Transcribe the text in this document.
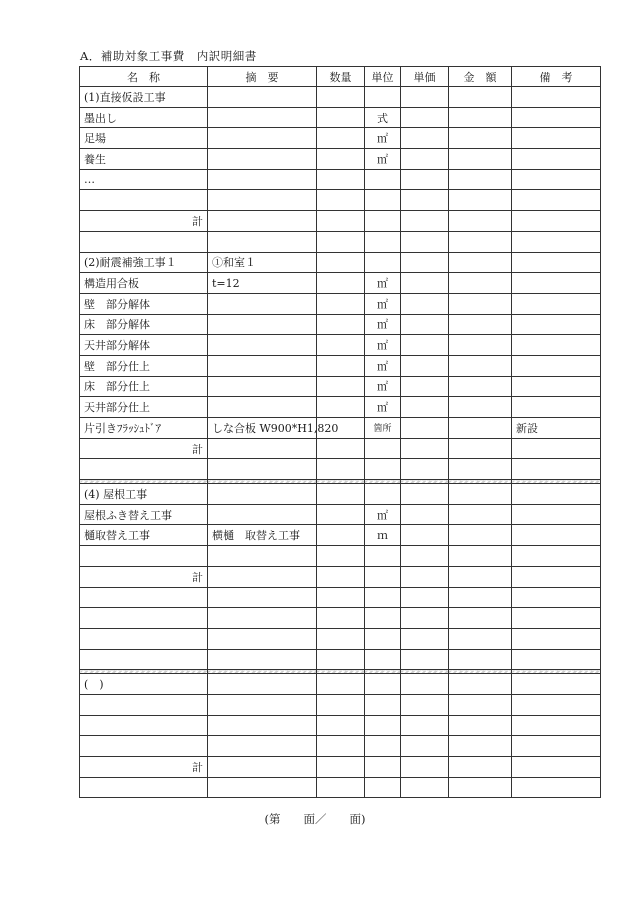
A．補助対象工事費　内訳明細書
名　称	摘　要	数量	単位	単価	金　額	備　考
(1)直接仮設工事						
墨出し			式			
足場			㎡			
養生			㎡			
…						

計						

(2)耐震補強工事１	①和室１					
構造用合板	t=12		㎡			
壁　部分解体			㎡			
床　部分解体			㎡			
天井部分解体			㎡			
壁　部分仕上			㎡			
床　部分仕上			㎡			
天井部分仕上			㎡			
片引きﾌﾗｯｼｭﾄﾞｱ	しな合板 W900*H1,820		箇所			新設
計						

(4) 屋根工事						
屋根ふき替え工事			㎡			
樋取替え工事	横樋　取替え工事		ｍ			

計						

(　)						

計						

(第　　面／　　面)
